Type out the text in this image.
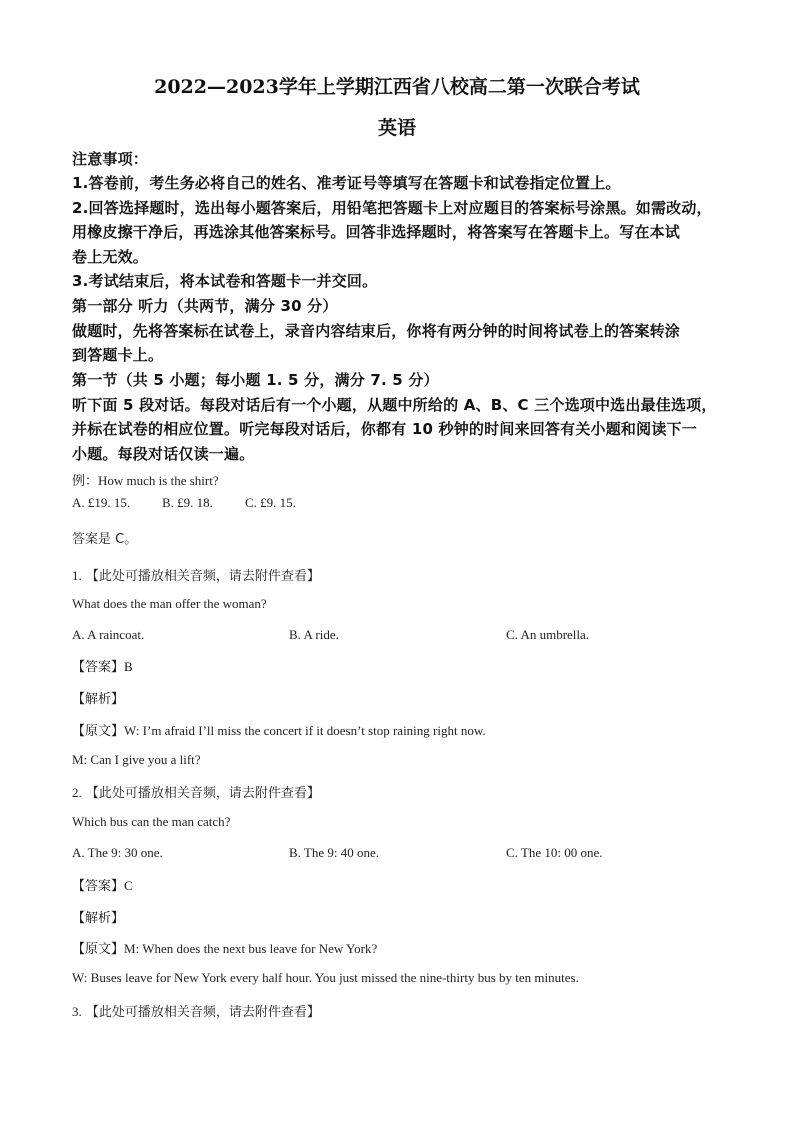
2022—2023学年上学期江西省八校高二第一次联合考试
英语
注意事项：
1.答卷前，考生务必将自己的姓名、准考证号等填写在答题卡和试卷指定位置上。
2.回答选择题时，选出每小题答案后，用铅笔把答题卡上对应题目的答案标号涂黑。如需改动，
用橡皮擦干净后，再选涂其他答案标号。回答非选择题时，将答案写在答题卡上。写在本试
卷上无效。
3.考试结束后，将本试卷和答题卡一并交回。
第一部分 听力（共两节，满分 30 分）
做题时，先将答案标在试卷上，录音内容结束后，你将有两分钟的时间将试卷上的答案转涂
到答题卡上。
第一节（共 5 小题；每小题 1. 5 分，满分 7. 5 分）
听下面 5 段对话。每段对话后有一个小题，从题中所给的 A、B、C 三个选项中选出最佳选项，
并标在试卷的相应位置。听完每段对话后，你都有 10 秒钟的时间来回答有关小题和阅读下一
小题。每段对话仅读一遍。
例：How much is the shirt?
A. £19. 15. B. £9. 18. C. £9. 15.
答案是 C。
1. 【此处可播放相关音频，请去附件查看】
What does the man offer the woman?
A. A raincoat.	B. A ride.	C. An umbrella.
【答案】B
【解析】
【原文】W: I’m afraid I’ll miss the concert if it doesn’t stop raining right now.
M: Can I give you a lift?
2. 【此处可播放相关音频，请去附件查看】
Which bus can the man catch?
A. The 9: 30 one.	B. The 9: 40 one.	C. The 10: 00 one.
【答案】C
【解析】
【原文】M: When does the next bus leave for New York?
W: Buses leave for New York every half hour. You just missed the nine-thirty bus by ten minutes.
3. 【此处可播放相关音频，请去附件查看】
